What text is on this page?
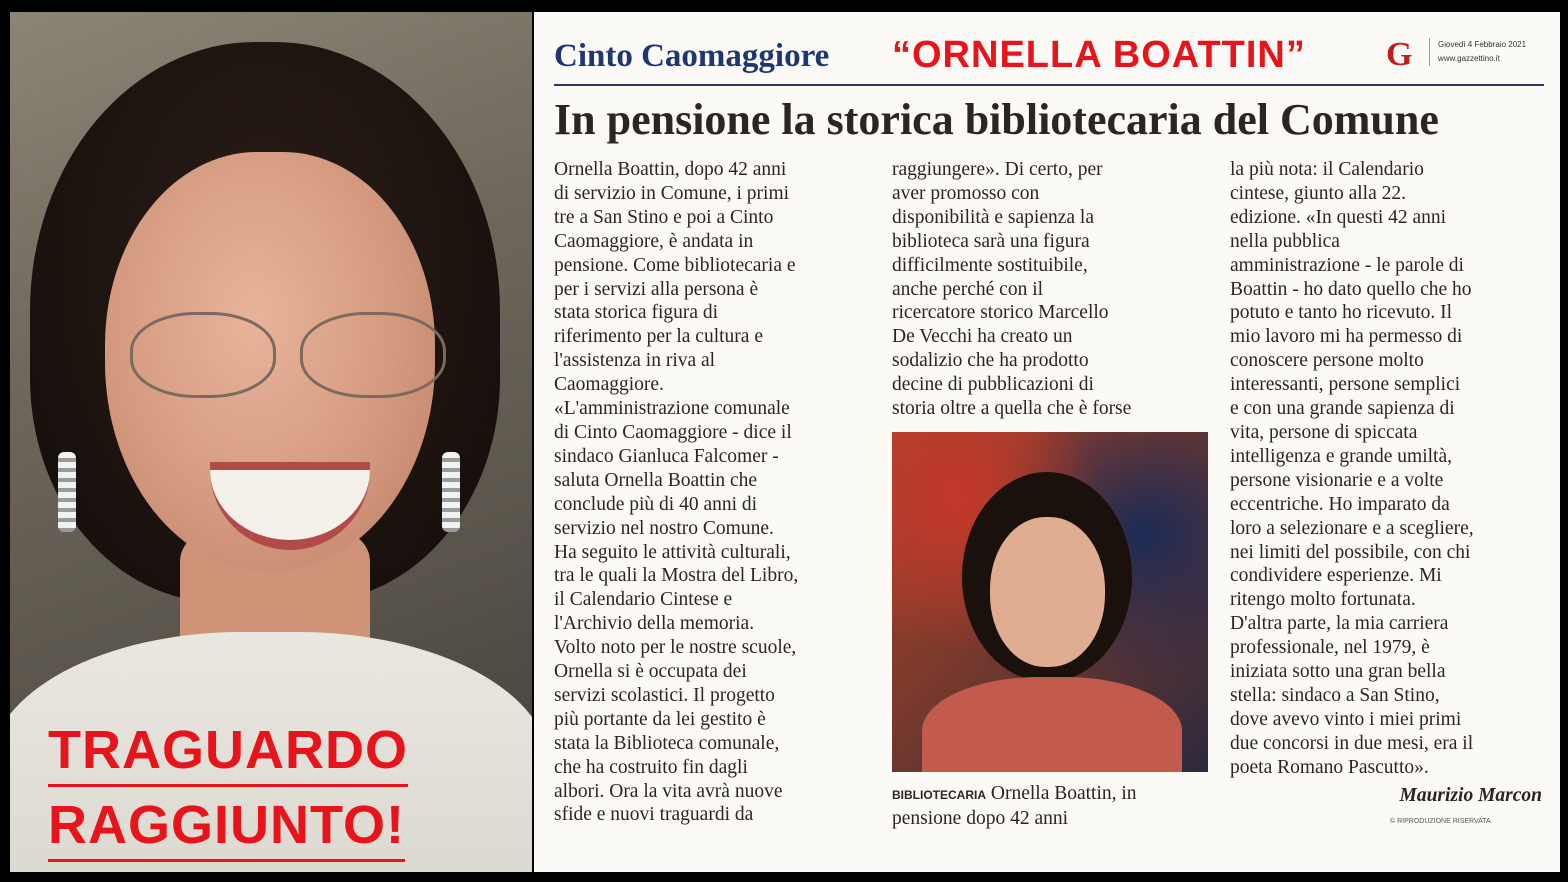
TRAGUARDO
RAGGIUNTO!
Cinto Caomaggiore “ORNELLA BOATTIN” G	Giovedì 4 Febbraio 2021
www.gazzettino.it
In pensione la storica bibliotecaria del Comune
Ornella Boattin, dopo 42 anni
di servizio in Comune, i primi
tre a San Stino e poi a Cinto
Caomaggiore, è andata in
pensione. Come bibliotecaria e
per i servizi alla persona è
stata storica figura di
riferimento per la cultura e
l'assistenza in riva al
Caomaggiore.
«L'amministrazione comunale
di Cinto Caomaggiore - dice il
sindaco Gianluca Falcomer -
saluta Ornella Boattin che
conclude più di 40 anni di
servizio nel nostro Comune.
Ha seguito le attività culturali,
tra le quali la Mostra del Libro,
il Calendario Cintese e
l'Archivio della memoria.
Volto noto per le nostre scuole,
Ornella si è occupata dei
servizi scolastici. Il progetto
più portante da lei gestito è
stata la Biblioteca comunale,
che ha costruito fin dagli
albori. Ora la vita avrà nuove
sfide e nuovi traguardi da
raggiungere». Di certo, per
aver promosso con
disponibilità e sapienza la
biblioteca sarà una figura
difficilmente sostituibile,
anche perché con il
ricercatore storico Marcello
De Vecchi ha creato un
sodalizio che ha prodotto
decine di pubblicazioni di
storia oltre a quella che è forse
la più nota: il Calendario
cintese, giunto alla 22.
edizione. «In questi 42 anni
nella pubblica
amministrazione - le parole di
Boattin - ho dato quello che ho
potuto e tanto ho ricevuto. Il
mio lavoro mi ha permesso di
conoscere persone molto
interessanti, persone semplici
e con una grande sapienza di
vita, persone di spiccata
intelligenza e grande umiltà,
persone visionarie e a volte
eccentriche. Ho imparato da
loro a selezionare e a scegliere,
nei limiti del possibile, con chi
condividere esperienze. Mi
ritengo molto fortunata.
D'altra parte, la mia carriera
professionale, nel 1979, è
iniziata sotto una gran bella
stella: sindaco a San Stino,
dove avevo vinto i miei primi
due concorsi in due mesi, era il
poeta Romano Pascutto».
Maurizio Marcon
BIBLIOTECARIA Ornella Boattin, in
pensione dopo 42 anni	© RIPRODUZIONE RISERVATA
